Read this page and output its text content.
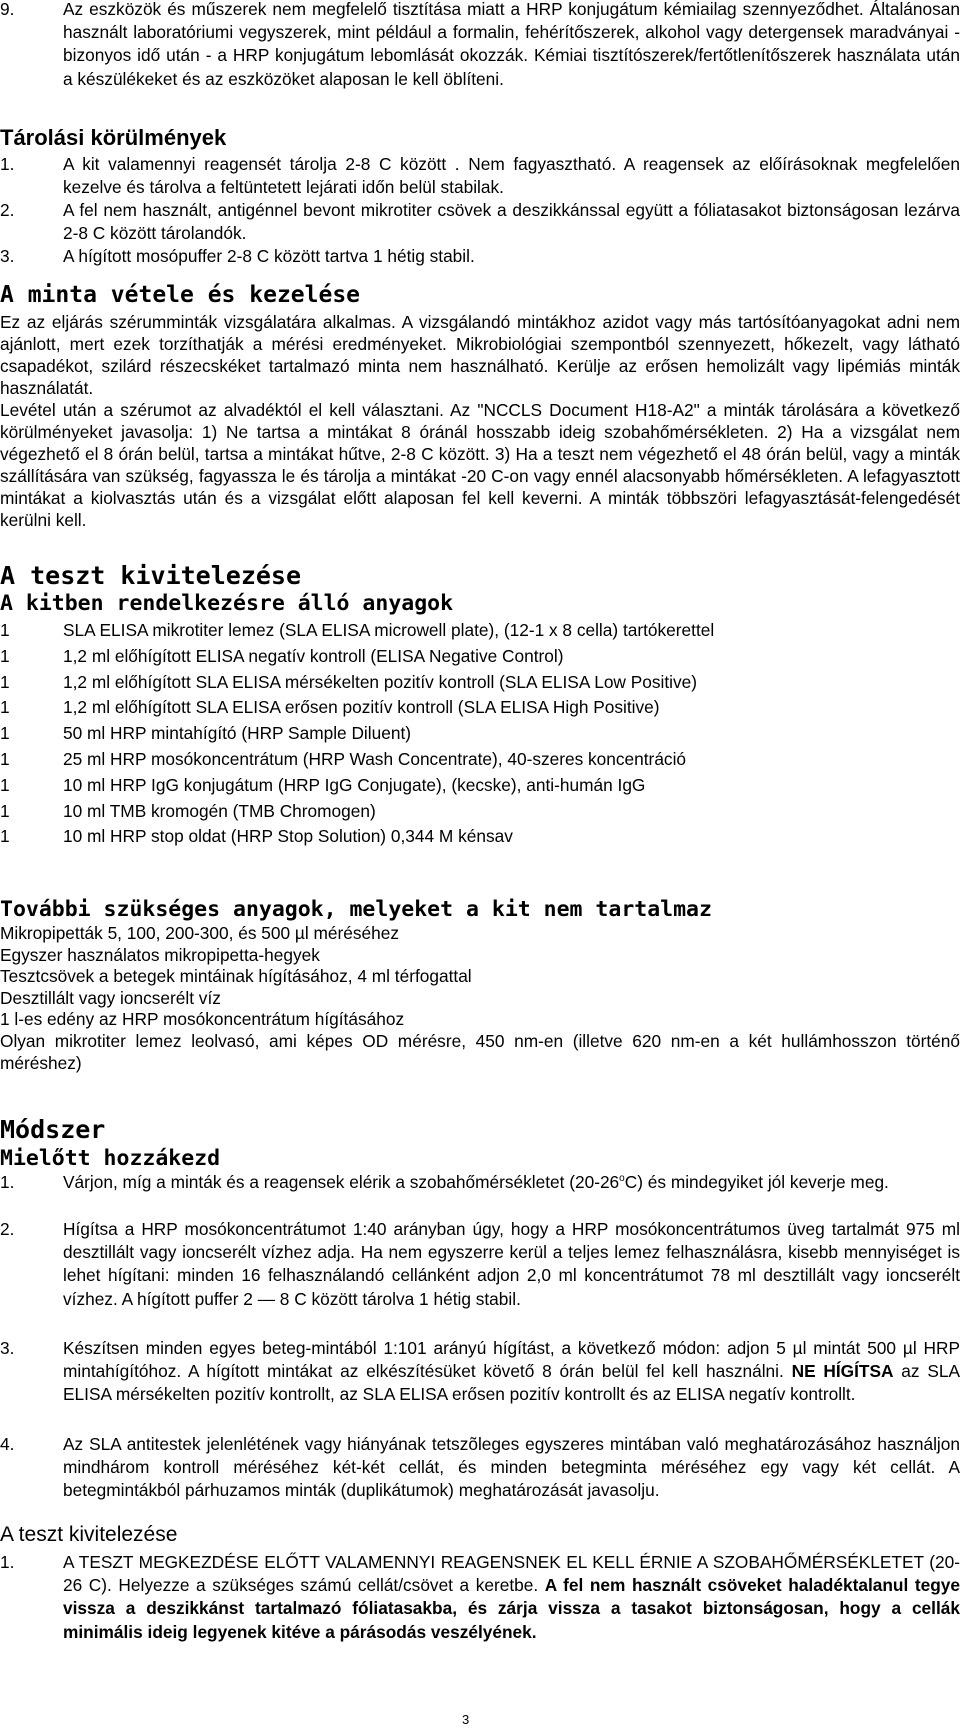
9.	Az eszközök és műszerek nem megfelelő tisztítása miatt a HRP konjugátum kémiailag szennyeződhet. Általánosan használt laboratóriumi vegyszerek, mint például a formalin, fehérítőszerek, alkohol vagy detergensek maradványai - bizonyos idő után - a HRP konjugátum lebomlását okozzák. Kémiai tisztítószerek/fertőtlenítőszerek használata után a készülékeket és az eszközöket alaposan le kell öblíteni.
Tárolási körülmények
1.	A kit valamennyi reagensét tárolja 2-8 C között . Nem fagyasztható. A reagensek az előírásoknak megfelelően kezelve és tárolva a feltüntetett lejárati időn belül stabilak.
2.	A fel nem használt, antigénnel bevont mikrotiter csövek a deszikkánssal együtt a fóliatasakot biztonságosan lezárva 2-8 C között tárolandók.
3.	A hígított mosópuffer 2-8 C között tartva 1 hétig stabil.
A minta vétele és kezelése
Ez az eljárás szérumminták vizsgálatára alkalmas. A vizsgálandó mintákhoz azidot vagy más tartósítóanyagokat adni nem ajánlott, mert ezek torzíthatják a mérési eredményeket. Mikrobiológiai szempontból szennyezett, hőkezelt, vagy látható csapadékot, szilárd részecskéket tartalmazó minta nem használható. Kerülje az erősen hemolizált vagy lipémiás minták használatát.
Levétel után a szérumot az alvadéktól el kell választani. Az "NCCLS Document H18-A2" a minták tárolására a következő körülményeket javasolja: 1) Ne tartsa a mintákat 8 óránál hosszabb ideig szobahőmérsékleten. 2) Ha a vizsgálat nem végezhető el 8 órán belül, tartsa a mintákat hűtve, 2-8 C között. 3) Ha a teszt nem végezhető el 48 órán belül, vagy a minták szállítására van szükség, fagyassza le és tárolja a mintákat -20 C-on vagy ennél alacsonyabb hőmérsékleten. A lefagyasztott mintákat a kiolvasztás után és a vizsgálat előtt alaposan fel kell keverni. A minták többszöri lefagyasztását-felengedését kerülni kell.
A teszt kivitelezése
A kitben rendelkezésre álló anyagok
1	SLA ELISA mikrotiter lemez (SLA ELISA microwell plate), (12-1 x 8 cella) tartókerettel
1	1,2 ml előhígított ELISA negatív kontroll (ELISA Negative Control)
1	1,2 ml előhígított SLA ELISA mérsékelten pozitív kontroll (SLA ELISA Low Positive)
1	1,2 ml előhígított SLA ELISA erősen pozitív kontroll (SLA ELISA High Positive)
1	50 ml HRP mintahígító (HRP Sample Diluent)
1	25 ml HRP mosókoncentrátum (HRP Wash Concentrate), 40-szeres koncentráció
1	10 ml HRP IgG konjugátum (HRP IgG Conjugate), (kecske), anti-humán IgG
1	10 ml TMB kromogén (TMB Chromogen)
1	10 ml HRP stop oldat (HRP Stop Solution) 0,344 M kénsav
További szükséges anyagok, melyeket a kit nem tartalmaz
Mikropipetták 5, 100, 200-300, és 500 µl méréséhez
Egyszer használatos mikropipetta-hegyek
Tesztcsövek a betegek mintáinak hígításához, 4 ml térfogattal
Desztillált vagy ioncserélt víz
1 l-es edény az HRP mosókoncentrátum hígításához
Olyan mikrotiter lemez leolvasó, ami képes OD mérésre, 450 nm-en (illetve 620 nm-en a két hullámhosszon történő méréshez)
Módszer
Mielőtt hozzákezd
1.	Várjon, míg a minták és a reagensek elérik a szobahőmérsékletet (20-26$^o$C) és mindegyiket jól keverje meg.
2.	Hígítsa a HRP mosókoncentrátumot 1:40 arányban úgy, hogy a HRP mosókoncentrátumos üveg tartalmát 975 ml desztillált vagy ioncserélt vízhez adja. Ha nem egyszerre kerül a teljes lemez felhasználásra, kisebb mennyiséget is lehet hígítani: minden 16 felhasználandó cellánként adjon 2,0 ml koncentrátumot 78 ml desztillált vagy ioncserélt vízhez. A hígított puffer 2 — 8 C között tárolva 1 hétig stabil.
3.	Készítsen minden egyes beteg-mintából 1:101 arányú hígítást, a következő módon: adjon 5 µl mintát 500 µl HRP mintahígítóhoz. A hígított mintákat az elkészítésüket követő 8 órán belül fel kell használni. NE HÍGÍTSA az SLA ELISA mérsékelten pozitív kontrollt, az SLA ELISA erősen pozitív kontrollt és az ELISA negatív kontrollt.
4.	Az SLA antitestek jelenlétének vagy hiányának tetszõleges egyszeres mintában való meghatározásához használjon mindhárom kontroll méréséhez két-két cellát, és minden betegminta méréséhez egy vagy két cellát. A betegmintákból párhuzamos minták (duplikátumok) meghatározását javasolju.
A teszt kivitelezése
1.	A TESZT MEGKEZDÉSE ELŐTT VALAMENNYI REAGENSNEK EL KELL ÉRNIE A SZOBAHŐMÉRSÉKLETET (20-26 C). Helyezze a szükséges számú cellát/csövet a keretbe. A fel nem használt csöveket haladéktalanul tegye vissza a deszikkánst tartalmazó fóliatasakba, és zárja vissza a tasakot biztonságosan, hogy a cellák minimális ideig legyenek kitéve a párásodás veszélyének.
3
